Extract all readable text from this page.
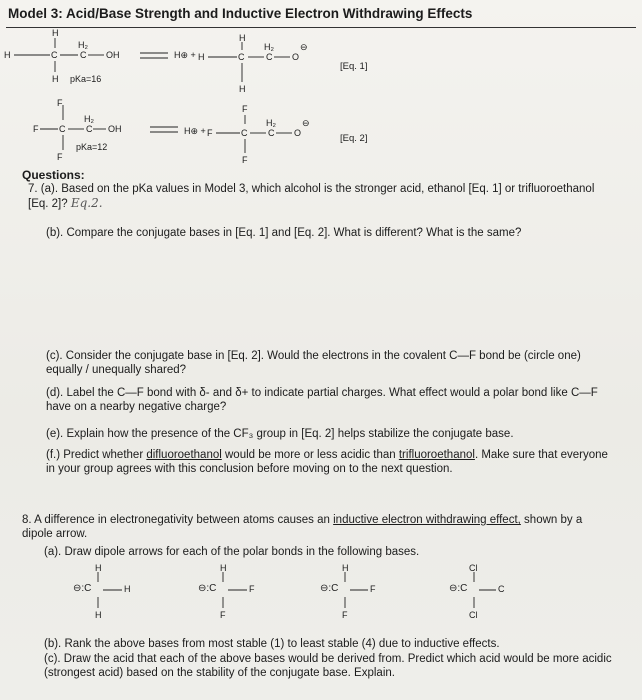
Model 3: Acid/Base Strength and Inductive Electron Withdrawing Effects
H
H	C
H₂
C OH
H pKa=16
H⊕ +
H
H	C
H₂
C O
⊖
H
[Eq. 1]
F
F C
H₂
C OH
pKa=12
F
H⊕ +
F
F	C
H₂
C O
⊖
F
[Eq. 2]
Questions:
7. (a). Based on the pKa values in Model 3, which alcohol is the stronger acid, ethanol [Eq. 1] or trifluoroethanol [Eq. 2]? Eq.2.
(b). Compare the conjugate bases in [Eq. 1] and [Eq. 2]. What is different? What is the same?
(c). Consider the conjugate base in [Eq. 2]. Would the electrons in the covalent C—F bond be (circle one) equally / unequally shared?
(d). Label the C—F bond with δ- and δ+ to indicate partial charges. What effect would a polar bond like C—F have on a nearby negative charge?
(e). Explain how the presence of the CF₃ group in [Eq. 2] helps stabilize the conjugate base.
(f.) Predict whether difluoroethanol would be more or less acidic than trifluoroethanol. Make sure that everyone in your group agrees with this conclusion before moving on to the next question.
8. A difference in electronegativity between atoms causes an inductive electron withdrawing effect, shown by a dipole arrow.
(a). Draw dipole arrows for each of the polar bonds in the following bases.
H
⊖:C	H
H
H
⊖:C	F
F
H
⊖:C	F
F
Cl
⊖:C	C
Cl
(b). Rank the above bases from most stable (1) to least stable (4) due to inductive effects.
(c). Draw the acid that each of the above bases would be derived from. Predict which acid would be more acidic (strongest acid) based on the stability of the conjugate base. Explain.
